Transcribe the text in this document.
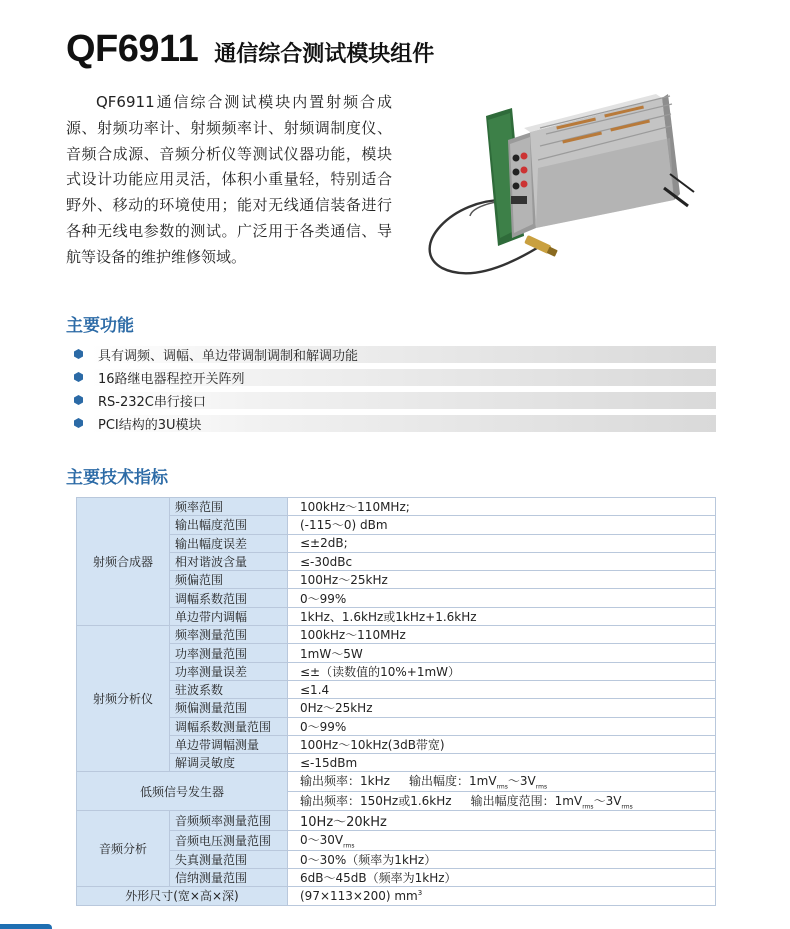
QF6911 通信综合测试模块组件

QF6911通信综合测试模块内置射频合成源、射频功率计、射频频率计、射频调制度仪、音频合成源、音频分析仪等测试仪器功能，模块式设计功能应用灵活，体积小重量轻，特别适合野外、移动的环境使用；能对无线通信装备进行各种无线电参数的测试。广泛用于各类通信、导航等设备的维护维修领域。

主要功能
具有调频、调幅、单边带调制调制和解调功能
16路继电器程控开关阵列
RS-232C串行接口
PCI结构的3U模块
主要技术指标
射频合成器	频率范围	100kHz～110MHz;
	输出幅度范围	(-115～0) dBm
	输出幅度误差	≤±2dB;
	相对谐波含量	≤-30dBc
	频偏范围	100Hz～25kHz
	调幅系数范围	0～99%
	单边带内调幅	1kHz、1.6kHz或1kHz+1.6kHz
射频分析仪	频率测量范围	100kHz～110MHz
	功率测量范围	1mW～5W
	功率测量误差	≤±（读数值的10%+1mW）
	驻波系数	≤1.4
	频偏测量范围	0Hz～25kHz
	调幅系数测量范围	0～99%
	单边带调幅测量	100Hz～10kHz(3dB带宽)
	解调灵敏度	≤-15dBm
低频信号发生器		输出频率：1kHz 输出幅度：$1mV_{rms}\sim 3V_{rms}$
		输出频率：150Hz或1.6kHz 输出幅度范围：$1mV_{rms}\sim 3V_{rms}$
音频分析	音频频率测量范围	10Hz～20kHz
	音频电压测量范围	$0\sim 30V_{rms}$
	失真测量范围	0～30%（频率为1kHz）
	信纳测量范围	6dB～45dB（频率为1kHz）
外形尺寸(宽×高×深)		(97×113×200) $mm^3$
